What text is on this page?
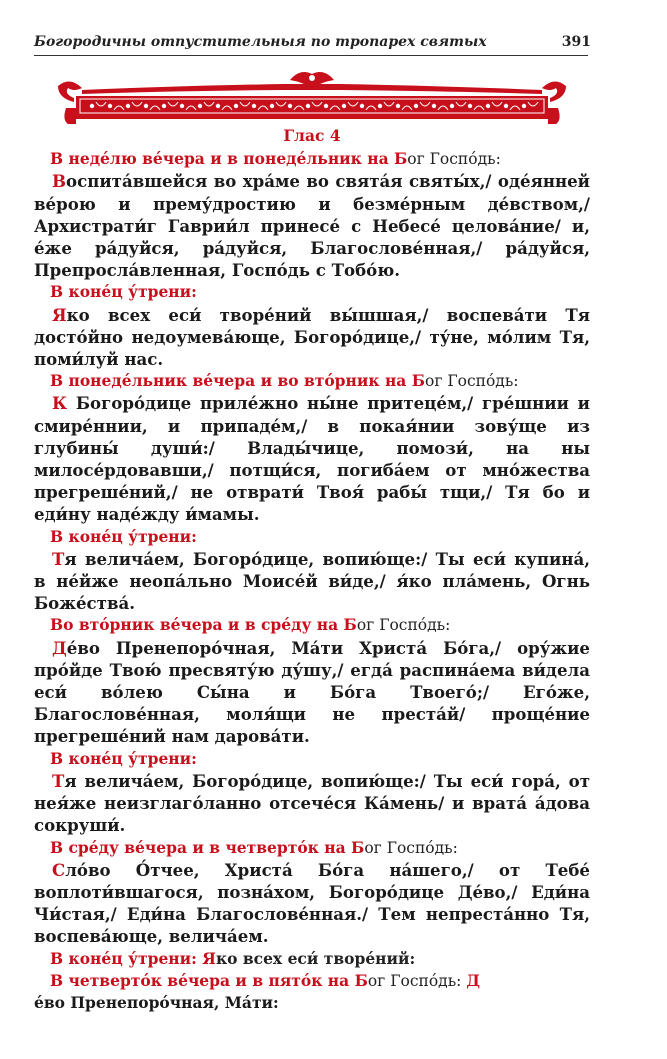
Богородичны отпустительныя по тропарех святых	391
Глас 4
В неде́лю ве́чера и в понеде́льник на Бог Госпо́дь:

Воспита́вшейся во хра́ме во свята́я святы́х,/ оде́янней ве́рою и прему́дростию и безме́рным де́вством,/ Архистрати́г Гаврии́л принесе́ с Небесе́ целова́ние/ и, е́же ра́дуйся, ра́дуйся, Благослове́нная,/ ра́дуйся, Препросла́вленная, Госпо́дь с Тобо́ю.

В коне́ц у́трени:

Яко всех еси́ творе́ний вы́шшая,/ воспева́ти Тя досто́йно недоумева́юще, Богоро́дице,/ ту́не, мо́лим Тя, поми́луй нас.

В понеде́льник ве́чера и во вто́рник на Бог Госпо́дь:

К Богоро́дице приле́жно ны́не притецéм,/ гре́шнии и смире́ннии, и припаде́м,/ в покая́нии зову́ще из глубины́ души́:/ Влады́чице, помози́, на ны милосе́рдовавши,/ потщи́ся, погиба́ем от мно́жества прегреше́ний,/ не отврати́ Твоя́ рабы́ тщи,/ Тя бо и еди́ну наде́жду и́мамы.

В коне́ц у́трени:

Тя велича́ем, Богоро́дице, вопию́ще:/ Ты еси́ купина́, в не́йже неопа́льно Моисе́й ви́де,/ я́ко пла́мень, Огнь Боже́ства́.

Во вто́рник ве́чера и в сре́ду на Бог Госпо́дь:

Де́во Пренепоро́чная, Ма́ти Христа́ Бо́га,/ ору́жие про́йде Твою́ пресвяту́ю ду́шу,/ егда́ распина́ема ви́дела еси́ во́лею Сы́на и Бо́га Твоего́;/ Его́же, Благослове́нная, моля́щи не преста́й/ проще́ние прегреше́ний нам дарова́ти.

В коне́ц у́трени:

Тя велича́ем, Богоро́дице, вопию́ще:/ Ты еси́ гора́, от нея́же неизглаго́ланно отсече́ся Ка́мень/ и врата́ а́дова сокруши́.

В сре́ду ве́чера и в четверто́к на Бог Госпо́дь:

Сло́во О́тчее, Христа́ Бо́га на́шего,/ от Тебе́ воплоти́вшагося, позна́хом, Богоро́дице Де́во,/ Еди́на Чи́стая,/ Еди́на Благослове́нная./ Тем непреста́нно Тя, воспева́юще, велича́ем.

В коне́ц у́трени: Яко всех еси́ творе́ний:
В четверто́к ве́чера и в пято́к на Бог Госпо́дь: Д
е́во Пренепоро́чная, Ма́ти:
